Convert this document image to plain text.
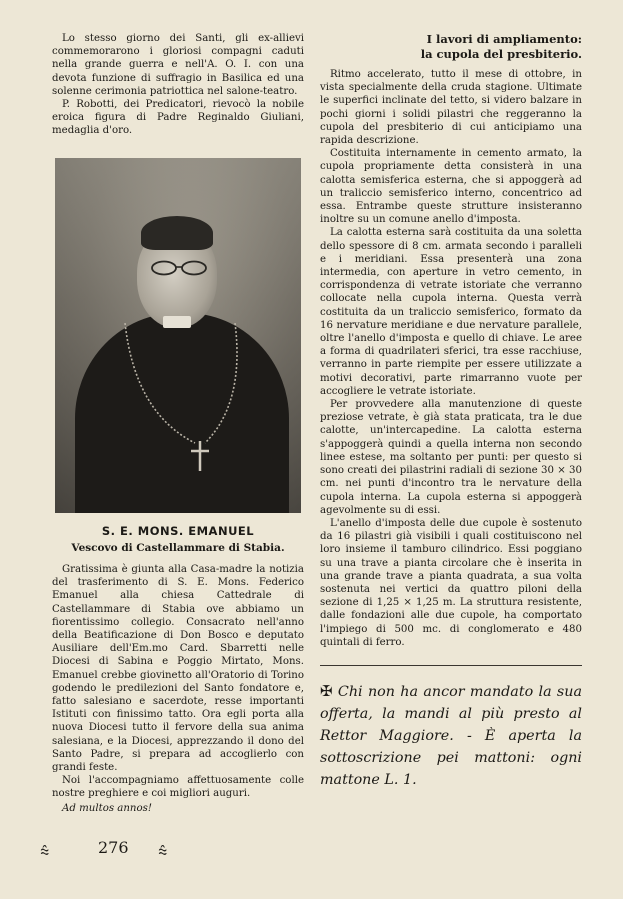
Lo stesso giorno dei Santi, gli ex-allievi commemorarono i gloriosi compagni caduti nella grande guerra e nell'A. O. I. con una devota funzione di suffragio in Basilica ed una solenne cerimonia patriottica nel salone-teatro.

P. Robotti, dei Predicatori, rievocò la nobile eroica figura di Padre Reginaldo Giuliani, medaglia d'oro.

S. E. MONS. EMANUEL
Vescovo di Castellammare di Stabia.

Gratissima è giunta alla Casa-madre la notizia del trasferimento di S. E. Mons. Federico Emanuel alla chiesa Cattedrale di Castellammare di Stabia ove abbiamo un fiorentissimo collegio. Consacrato nell'anno della Beatificazione di Don Bosco e deputato Ausiliare dell'Em.mo Card. Sbarretti nelle Diocesi di Sabina e Poggio Mirtato, Mons. Emanuel crebbe giovinetto all'Oratorio di Torino godendo le predilezioni del Santo fondatore e, fatto salesiano e sacerdote, resse importanti Istituti con finissimo tatto. Ora egli porta alla nuova Diocesi tutto il fervore della sua anima salesiana, e la Diocesi, apprezzando il dono del Santo Padre, si prepara ad accoglierlo con grandi feste.

Noi l'accompagniamo affettuosamente colle nostre preghiere e coi migliori auguri.

Ad multos annos!
⩯	276 ⩯
I lavori di ampliamento:
la cupola del presbiterio.

Ritmo accelerato, tutto il mese di ottobre, in vista specialmente della cruda stagione. Ultimate le superfici inclinate del tetto, si videro balzare in pochi giorni i solidi pilastri che reggeranno la cupola del presbiterio di cui anticipiamo una rapida descrizione.

Costituita internamente in cemento armato, la cupola propriamente detta consisterà in una calotta semisferica esterna, che si appoggerà ad un traliccio semisferico interno, concentrico ad essa. Entrambe queste strutture insisteranno inoltre su un comune anello d'imposta.

La calotta esterna sarà costituita da una soletta dello spessore di 8 cm. armata secondo i paralleli e i meridiani. Essa presenterà una zona intermedia, con aperture in vetro cemento, in corrispondenza di vetrate istoriate che verranno collocate nella cupola interna. Questa verrà costituita da un traliccio semisferico, formato da 16 nervature meridiane e due nervature parallele, oltre l'anello d'imposta e quello di chiave. Le aree a forma di quadrilateri sferici, tra esse racchiuse, verranno in parte riempite per essere utilizzate a motivi decorativi, parte rimarranno vuote per accogliere le vetrate istoriate.

Per provvedere alla manutenzione di queste preziose vetrate, è già stata praticata, tra le due calotte, un'intercapedine. La calotta esterna s'appoggerà quindi a quella interna non secondo linee estese, ma soltanto per punti: per questo si sono creati dei pilastrini radiali di sezione 30 × 30 cm. nei punti d'incontro tra le nervature della cupola interna. La cupola esterna si appoggerà agevolmente su di essi.

L'anello d'imposta delle due cupole è sostenuto da 16 pilastri già visibili i quali costituiscono nel loro insieme il tamburo cilindrico. Essi poggiano su una trave a pianta circolare che è inserita in una grande trave a pianta quadrata, a sua volta sostenuta nei vertici da quattro piloni della sezione di 1,25 × 1,25 m. La struttura resistente, dalle fondazioni alle due cupole, ha comportato l'impiego di 500 mc. di conglomerato e 480 quintali di ferro.

✠ Chi non ha ancor mandato la sua offerta, la mandi al più presto al Rettor Maggiore. - È aperta la sottoscrizione pei mattoni: ogni mattone L. 1.
